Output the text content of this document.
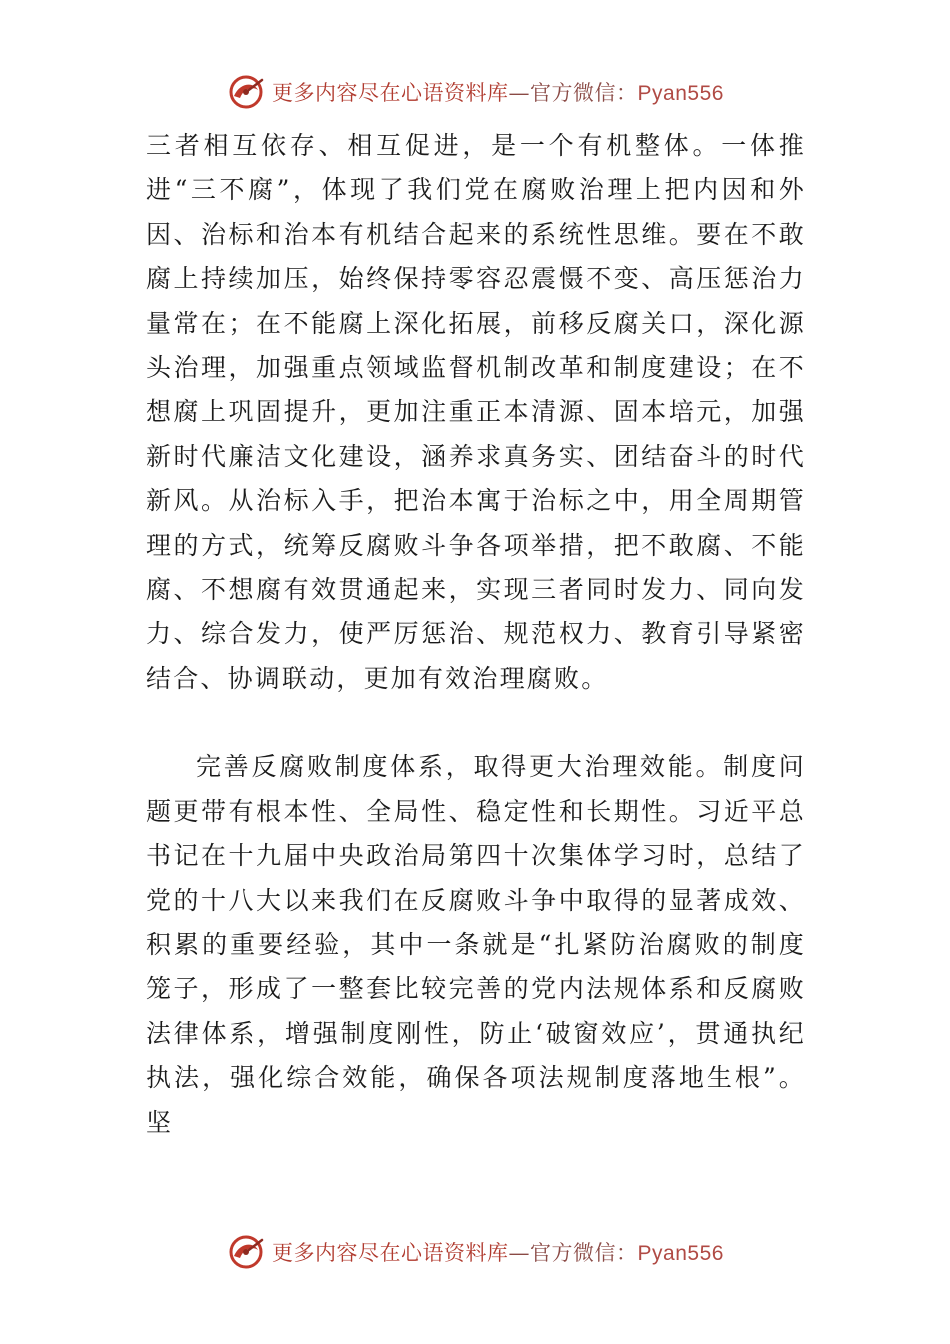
更多内容尽在心语资料库—官方微信：Pyan556

三者相互依存、相互促进，是一个有机整体。一体推进“三不腐”，体现了我们党在腐败治理上把内因和外因、治标和治本有机结合起来的系统性思维。要在不敢腐上持续加压，始终保持零容忍震慑不变、高压惩治力量常在；在不能腐上深化拓展，前移反腐关口，深化源头治理，加强重点领域监督机制改革和制度建设；在不想腐上巩固提升，更加注重正本清源、固本培元，加强新时代廉洁文化建设，涵养求真务实、团结奋斗的时代新风。从治标入手，把治本寓于治标之中，用全周期管理的方式，统筹反腐败斗争各项举措，把不敢腐、不能腐、不想腐有效贯通起来，实现三者同时发力、同向发力、综合发力，使严厉惩治、规范权力、教育引导紧密结合、协调联动，更加有效治理腐败。

完善反腐败制度体系，取得更大治理效能。制度问题更带有根本性、全局性、稳定性和长期性。习近平总书记在十九届中央政治局第四十次集体学习时，总结了党的十八大以来我们在反腐败斗争中取得的显著成效、积累的重要经验，其中一条就是“扎紧防治腐败的制度笼子，形成了一整套比较完善的党内法规体系和反腐败法律体系，增强制度刚性，防止‘破窗效应’，贯通执纪执法，强化综合效能，确保各项法规制度落地生根”。坚

更多内容尽在心语资料库—官方微信：Pyan556
